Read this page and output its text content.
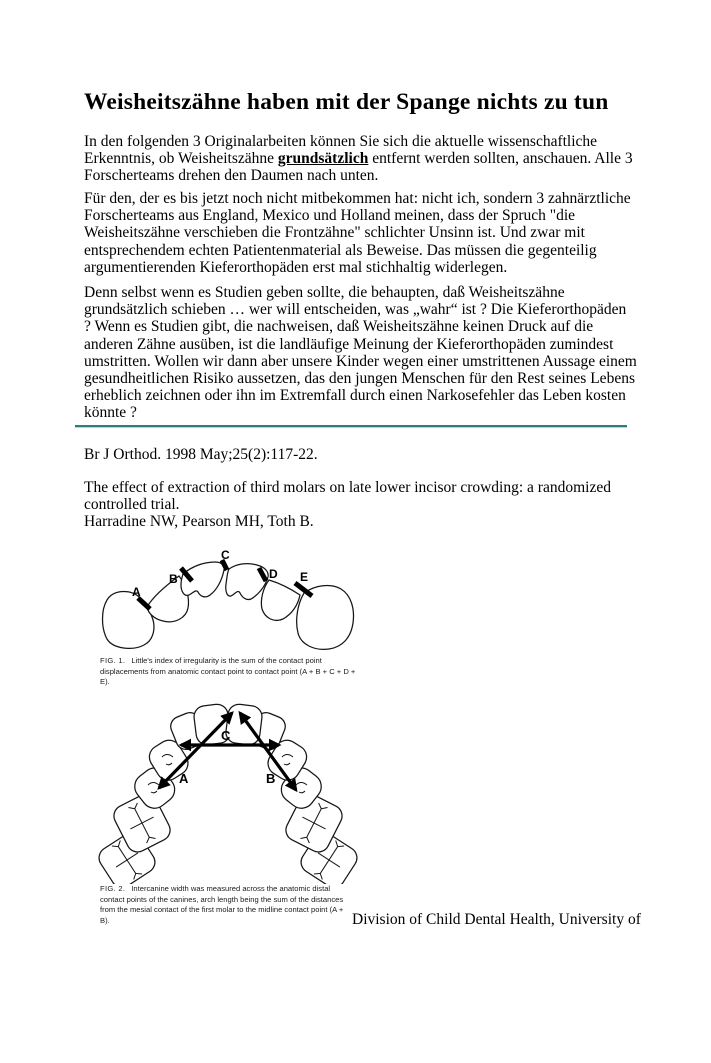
Weisheitszähne haben mit der Spange nichts zu tun

In den folgenden 3 Originalarbeiten können Sie sich die aktuelle wissenschaftliche Erkenntnis, ob Weisheitszähne grundsätzlich entfernt werden sollten, anschauen. Alle 3 Forscherteams drehen den Daumen nach unten.

Für den, der es bis jetzt noch nicht mitbekommen hat: nicht ich, sondern 3 zahnärztliche Forscherteams aus England, Mexico und Holland meinen, dass der Spruch "die Weisheitszähne verschieben die Frontzähne" schlichter Unsinn ist. Und zwar mit entsprechendem echten Patientenmaterial als Beweise. Das müssen die gegenteilig argumentierenden Kieferorthopäden erst mal stichhaltig widerlegen.

Denn selbst wenn es Studien geben sollte, die behaupten, daß Weisheitszähne grundsätzlich schieben … wer will entscheiden, was „wahr“ ist ? Die Kieferorthopäden ? Wenn es Studien gibt, die nachweisen, daß Weisheitszähne keinen Druck auf die anderen Zähne ausüben, ist die landläufige Meinung der Kieferorthopäden zumindest umstritten. Wollen wir dann aber unsere Kinder wegen einer umstrittenen Aussage einem gesundheitlichen Risiko aussetzen, das den jungen Menschen für den Rest seines Lebens erheblich zeichnen oder ihn im Extremfall durch einen Narkosefehler das Leben kosten könnte ?

Br J Orthod. 1998 May;25(2):117-22.
The effect of extraction of third molars on late lower incisor crowding: a randomized controlled trial.
Harradine NW, Pearson MH, Toth B.
A
B
C
D E
FIG. 1. Little's index of irregularity is the sum of the contact point displacements from anatomic contact point to contact point (A + B + C + D + E).
A	B
C
FIG. 2. Intercanine width was measured across the anatomic distal contact points of the canines, arch length being the sum of the distances from the mesial contact of the first molar to the midline contact point (A + B).	Division of Child Dental Health, University of
